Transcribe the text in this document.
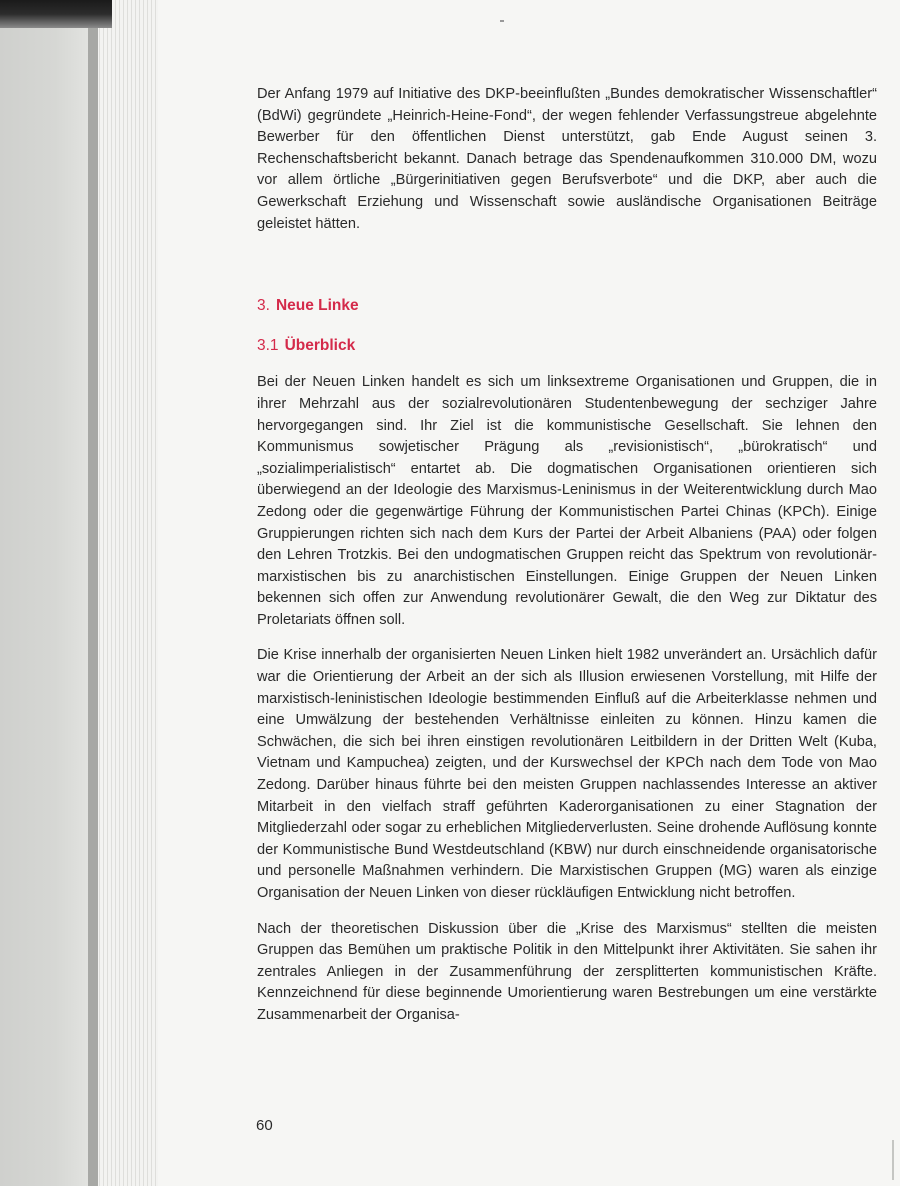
Der Anfang 1979 auf Initiative des DKP-beeinflußten „Bundes demokratischer Wissenschaftler“ (BdWi) gegründete „Heinrich-Heine-Fond“, der wegen fehlender Verfassungstreue abgelehnte Bewerber für den öffentlichen Dienst unterstützt, gab Ende August seinen 3. Rechenschaftsbericht bekannt. Danach betrage das Spendenaufkommen 310.000 DM, wozu vor allem örtliche „Bürgerinitiativen gegen Berufsverbote“ und die DKP, aber auch die Gewerkschaft Erziehung und Wissenschaft sowie ausländische Organisationen Beiträge geleistet hätten.

3. Neue Linke
3.1 Überblick

Bei der Neuen Linken handelt es sich um linksextreme Organisationen und Gruppen, die in ihrer Mehrzahl aus der sozialrevolutionären Studentenbewegung der sechziger Jahre hervorgegangen sind. Ihr Ziel ist die kommunistische Gesellschaft. Sie lehnen den Kommunismus sowjetischer Prägung als „revisionistisch“, „bürokratisch“ und „sozialimperialistisch“ entartet ab. Die dogmatischen Organisationen orientieren sich überwiegend an der Ideologie des Marxismus-Leninismus in der Weiterentwicklung durch Mao Zedong oder die gegenwärtige Führung der Kommunistischen Partei Chinas (KPCh). Einige Gruppierungen richten sich nach dem Kurs der Partei der Arbeit Albaniens (PAA) oder folgen den Lehren Trotzkis. Bei den undogmatischen Gruppen reicht das Spektrum von revolutionär-marxistischen bis zu anarchistischen Einstellungen. Einige Gruppen der Neuen Linken bekennen sich offen zur Anwendung revolutionärer Gewalt, die den Weg zur Diktatur des Proletariats öffnen soll.

Die Krise innerhalb der organisierten Neuen Linken hielt 1982 unverändert an. Ursächlich dafür war die Orientierung der Arbeit an der sich als Illusion erwiesenen Vorstellung, mit Hilfe der marxistisch-leninistischen Ideologie bestimmenden Einfluß auf die Arbeiterklasse nehmen und eine Umwälzung der bestehenden Verhältnisse einleiten zu können. Hinzu kamen die Schwächen, die sich bei ihren einstigen revolutionären Leitbildern in der Dritten Welt (Kuba, Vietnam und Kampuchea) zeigten, und der Kurswechsel der KPCh nach dem Tode von Mao Zedong. Darüber hinaus führte bei den meisten Gruppen nachlassendes Interesse an aktiver Mitarbeit in den vielfach straff geführten Kaderorganisationen zu einer Stagnation der Mitgliederzahl oder sogar zu erheblichen Mitgliederverlusten. Seine drohende Auflösung konnte der Kommunistische Bund Westdeutschland (KBW) nur durch einschneidende organisatorische und personelle Maßnahmen verhindern. Die Marxistischen Gruppen (MG) waren als einzige Organisation der Neuen Linken von dieser rückläufigen Entwicklung nicht betroffen.

Nach der theoretischen Diskussion über die „Krise des Marxismus“ stellten die meisten Gruppen das Bemühen um praktische Politik in den Mittelpunkt ihrer Aktivitäten. Sie sahen ihr zentrales Anliegen in der Zusammenführung der zersplitterten kommunistischen Kräfte. Kennzeichnend für diese beginnende Umorientierung waren Bestrebungen um eine verstärkte Zusammenarbeit der Organisa-

60
